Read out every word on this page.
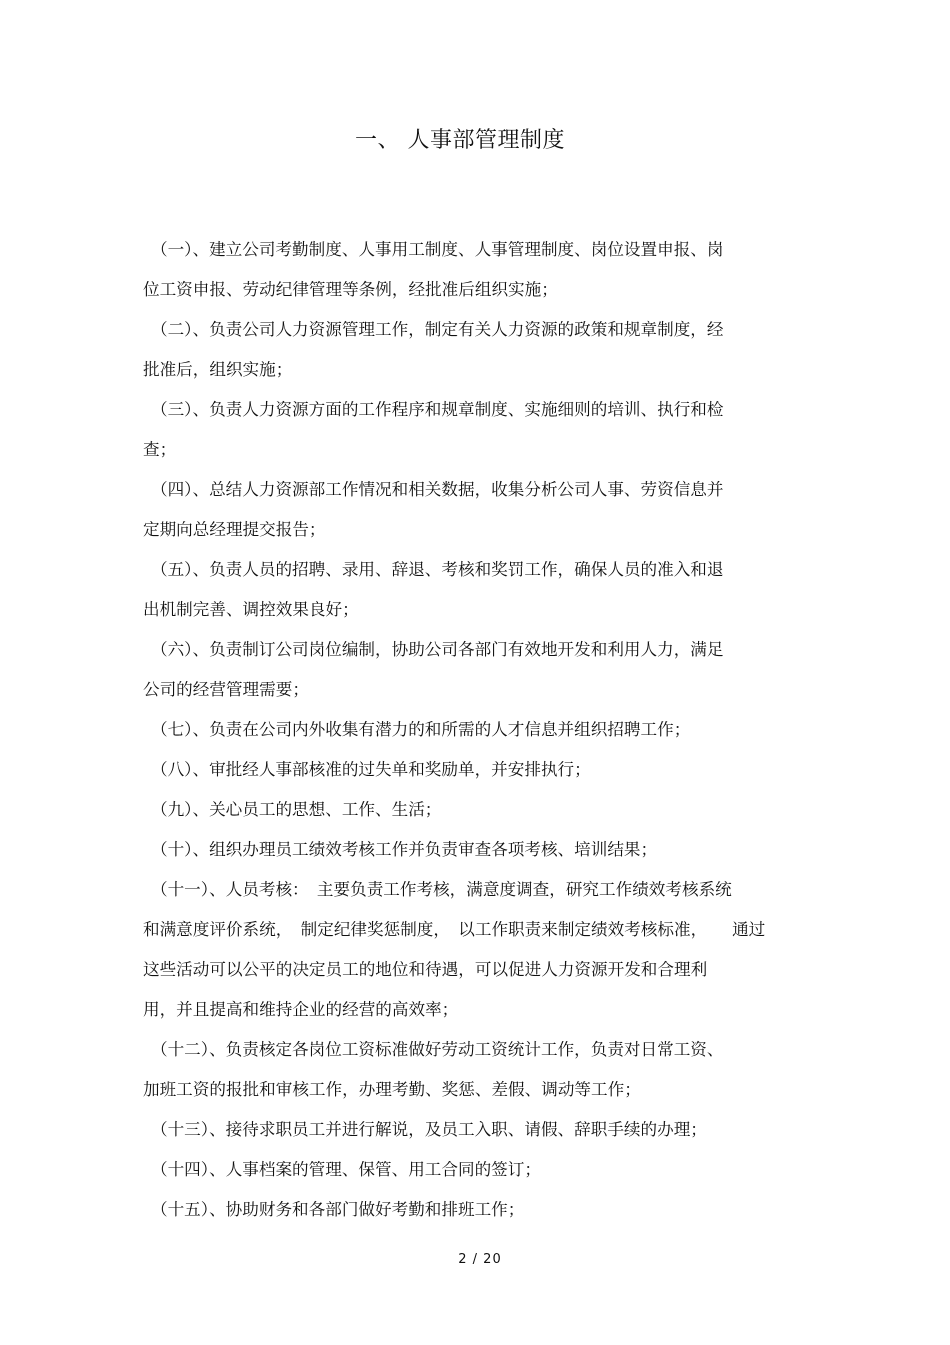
一、 人事部管理制度
（一）、建立公司考勤制度、人事用工制度、人事管理制度、岗位设置申报、岗
位工资申报、劳动纪律管理等条例，经批准后组织实施；
（二）、负责公司人力资源管理工作，制定有关人力资源的政策和规章制度，经
批准后，组织实施；
（三）、负责人力资源方面的工作程序和规章制度、实施细则的培训、执行和检
查；
（四）、总结人力资源部工作情况和相关数据，收集分析公司人事、劳资信息并
定期向总经理提交报告；
（五）、负责人员的招聘、录用、辞退、考核和奖罚工作，确保人员的准入和退
出机制完善、调控效果良好；
（六）、负责制订公司岗位编制，协助公司各部门有效地开发和利用人力，满足
公司的经营管理需要；
（七）、负责在公司内外收集有潜力的和所需的人才信息并组织招聘工作；
（八）、审批经人事部核准的过失单和奖励单，并安排执行；
（九）、关心员工的思想、工作、生活；
（十）、组织办理员工绩效考核工作并负责审查各项考核、培训结果；
（十一）、人员考核：　主要负责工作考核，满意度调查，研究工作绩效考核系统
和满意度评价系统，　制定纪律奖惩制度，　以工作职责来制定绩效考核标准，　　通过
这些活动可以公平的决定员工的地位和待遇，可以促进人力资源开发和合理利
用，并且提高和维持企业的经营的高效率；
（十二）、负责核定各岗位工资标准做好劳动工资统计工作，负责对日常工资、
加班工资的报批和审核工作，办理考勤、奖惩、差假、调动等工作；
（十三）、接待求职员工并进行解说，及员工入职、请假、辞职手续的办理；
（十四）、人事档案的管理、保管、用工合同的签订；
（十五）、协助财务和各部门做好考勤和排班工作；
2 / 20
